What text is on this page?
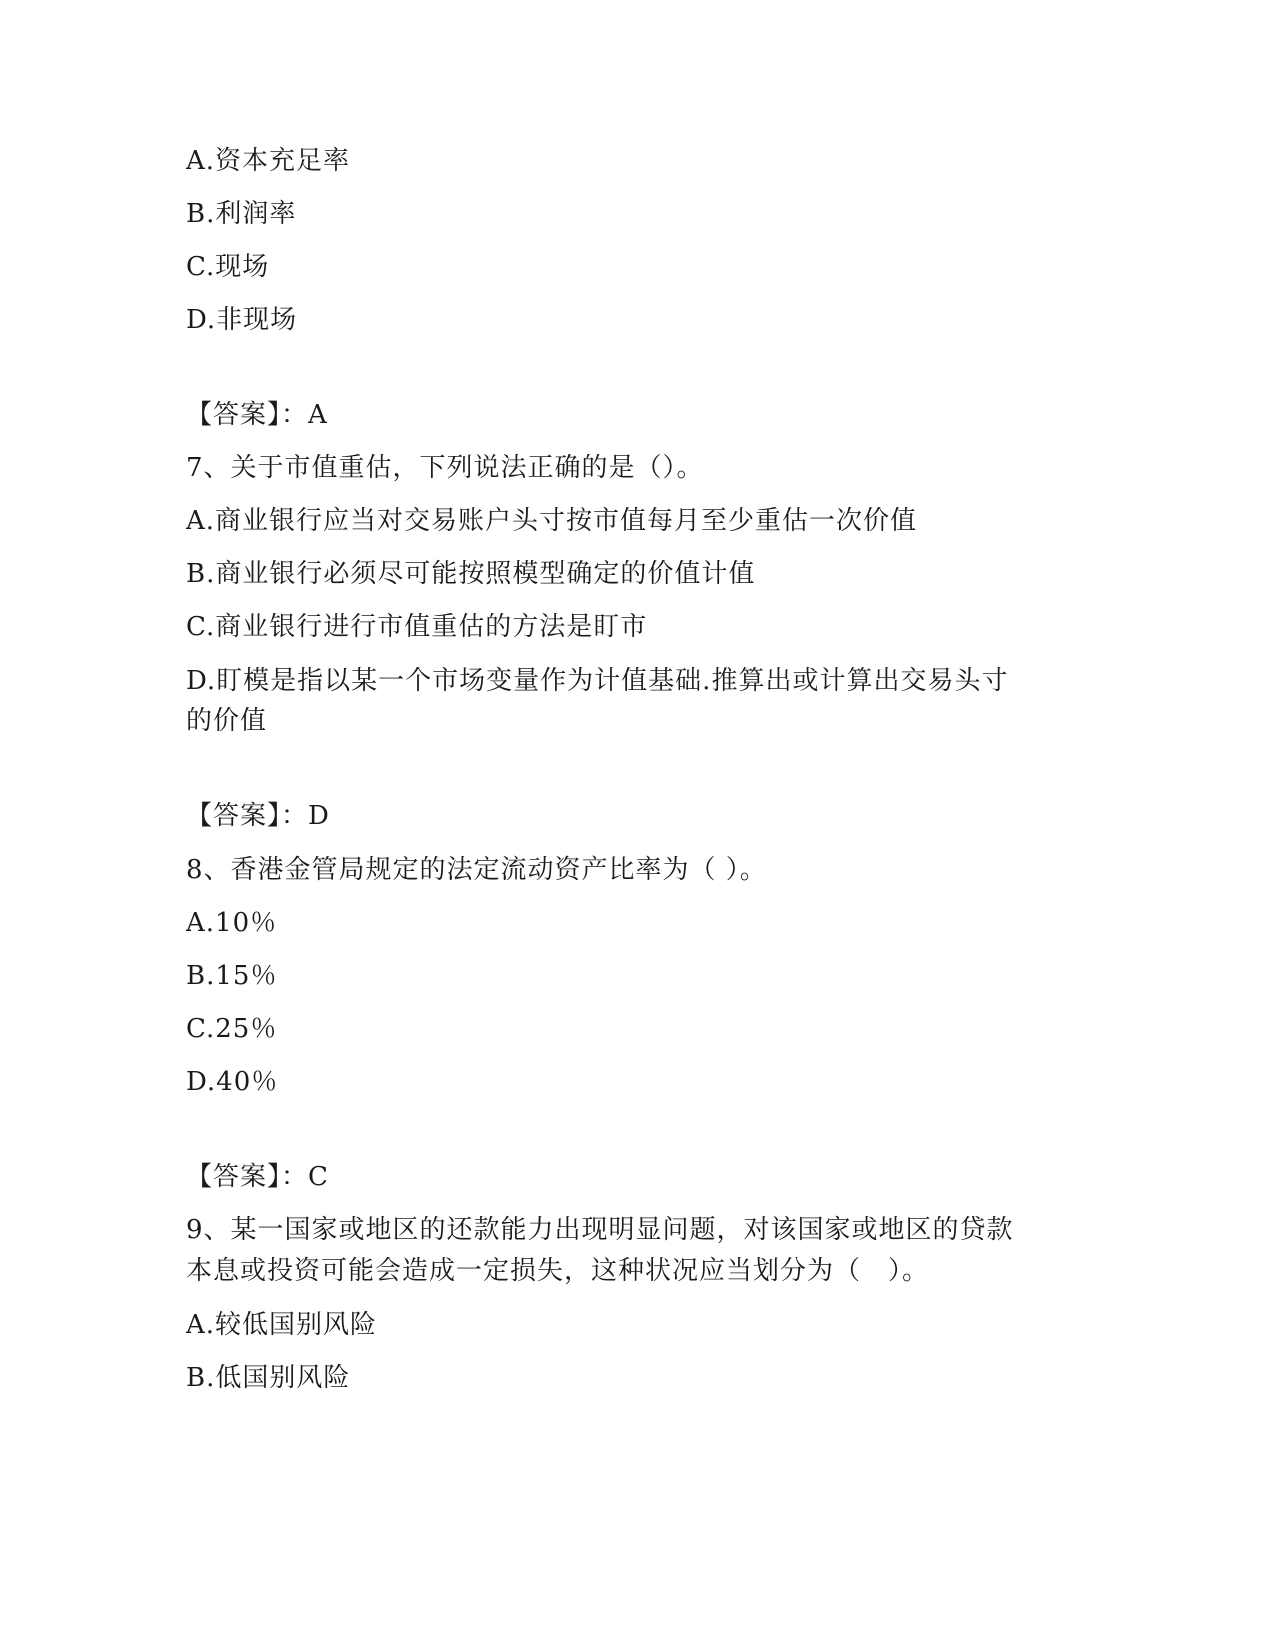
A.资本充足率
B.利润率
C.现场
D.非现场
【答案】：A
7、关于市值重估，下列说法正确的是（）。
A.商业银行应当对交易账户头寸按市值每月至少重估一次价值
B.商业银行必须尽可能按照模型确定的价值计值
C.商业银行进行市值重估的方法是盯市
D.盯模是指以某一个市场变量作为计值基础.推算出或计算出交易头寸
的价值
【答案】：D
8、香港金管局规定的法定流动资产比率为（ ）。
A.10％
B.15％
C.25％
D.40％
【答案】：C
9、某一国家或地区的还款能力出现明显问题，对该国家或地区的贷款
本息或投资可能会造成一定损失，这种状况应当划分为（　）。
A.较低国别风险
B.低国别风险
